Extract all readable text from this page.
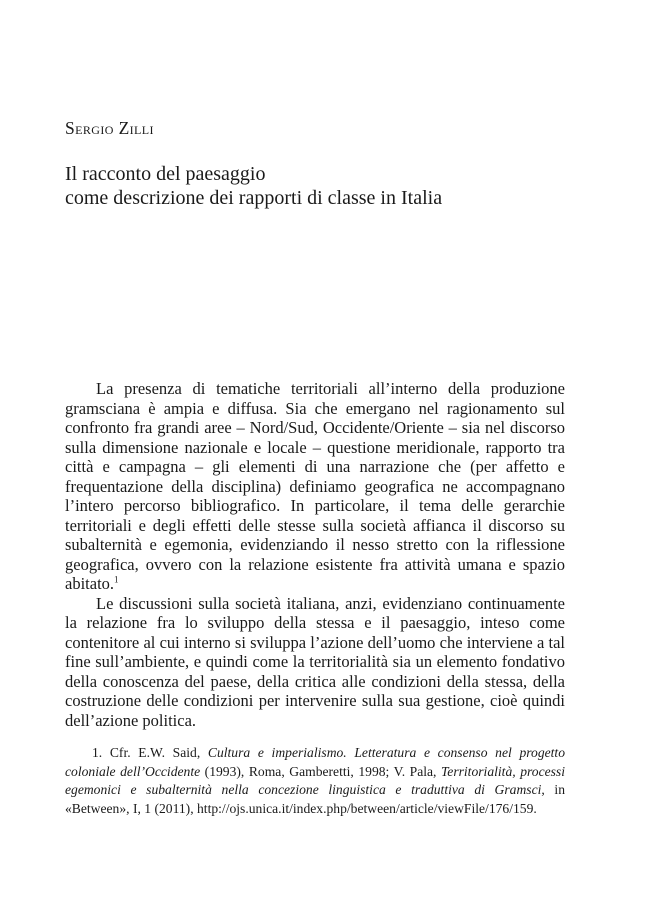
Sergio Zilli
Il racconto del paesaggio
come descrizione dei rapporti di classe in Italia

La presenza di tematiche territoriali all’interno della produzione gramsciana è ampia e diffusa. Sia che emergano nel ragionamento sul confronto fra grandi aree – Nord/Sud, Occidente/Oriente – sia nel discorso sulla dimensione nazionale e locale – questione meridionale, rapporto tra città e campagna – gli elementi di una narrazione che (per affetto e frequentazione della disciplina) definiamo geografica ne accompagnano l’intero percorso bibliografico. In particolare, il tema delle gerarchie territoriali e degli effetti delle stesse sulla società affianca il discorso su subalternità e egemonia, evidenziando il nesso stretto con la riflessione geografica, ovvero con la relazione esistente fra attività umana e spazio abitato.$^1$

Le discussioni sulla società italiana, anzi, evidenziano continuamente la relazione fra lo sviluppo della stessa e il paesaggio, inteso come contenitore al cui interno si sviluppa l’azione dell’uomo che interviene a tal fine sull’ambiente, e quindi come la territorialità sia un elemento fondativo della conoscenza del paese, della critica alle condizioni della stessa, della costruzione delle condizioni per intervenire sulla sua gestione, cioè quindi dell’azione politica.

1. Cfr. E.W. Said, Cultura e imperialismo. Letteratura e consenso nel progetto coloniale dell’Occidente (1993), Roma, Gamberetti, 1998; V. Pala, Territorialità, processi egemonici e subalternità nella concezione linguistica e traduttiva di Gramsci, in «Between», I, 1 (2011), http://ojs.unica.it/index.php/between/article/viewFile/176/159.
